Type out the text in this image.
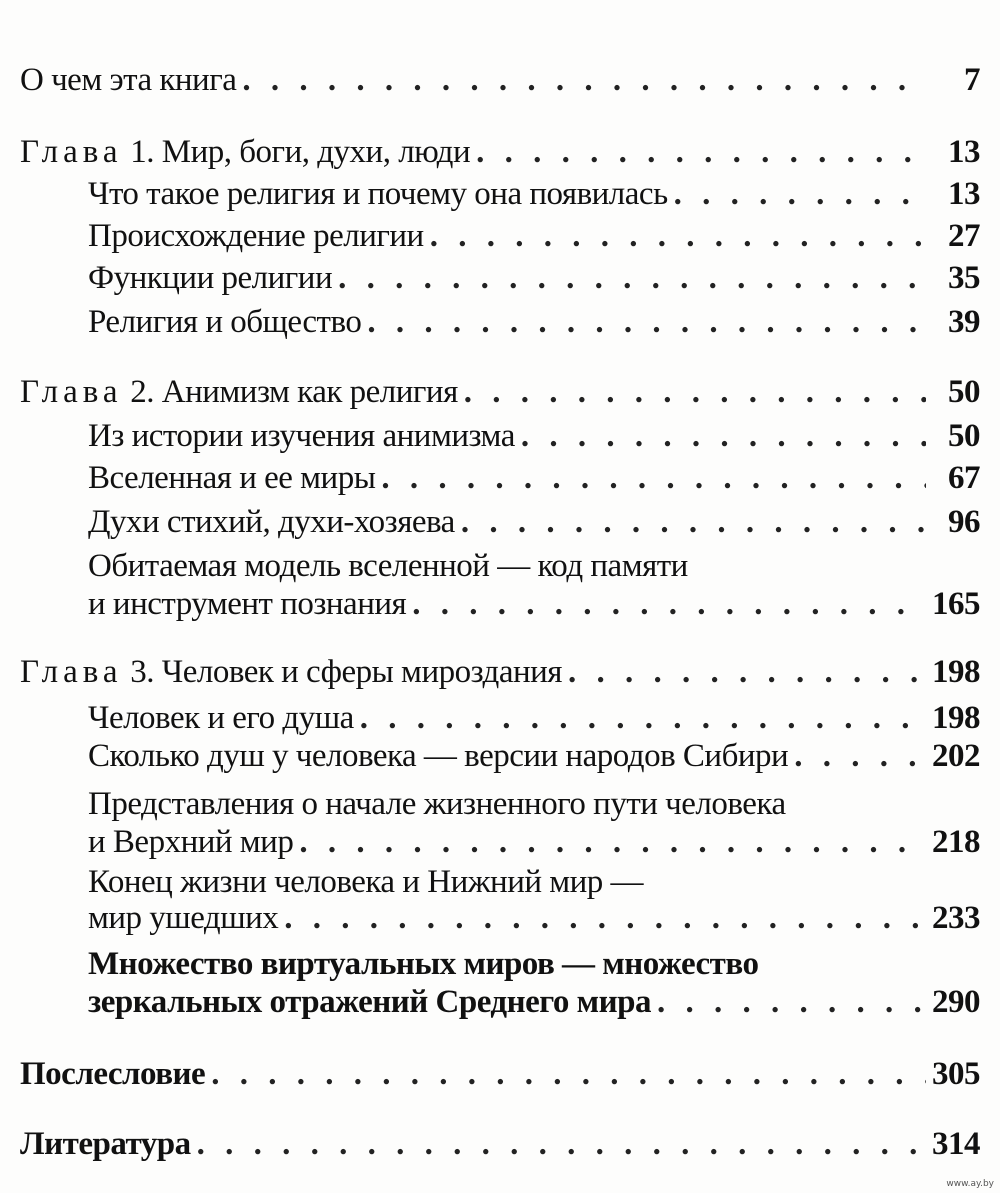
О чем эта книга . . .	7
Глава 1. Мир, боги, духи, люди . . .	13
Что такое религия и почему она появилась . . .	13
Происхождение религии . . .	27
Функции религии . . .	35
Религия и общество . . .	39
Глава 2. Анимизм как религия . . .	50
Из истории изучения анимизма . . .	50
Вселенная и ее миры . . .	67
Духи стихий, духи-хозяева . . .	96
Обитаемая модель вселенной — код памяти
и инструмент познания . . .	165
Глава 3. Человек и сферы мироздания . . .	198
Человек и его душа . . .	198
Сколько душ у человека — версии народов Сибири . . .	202
Представления о начале жизненного пути человека
и Верхний мир . . .	218
Конец жизни человека и Нижний мир —
мир ушедших . . .	233
Множество виртуальных миров — множество
зеркальных отражений Среднего мира . . .	290
Послесловие . . .	305
Литература . . .	314
www.ay.by
